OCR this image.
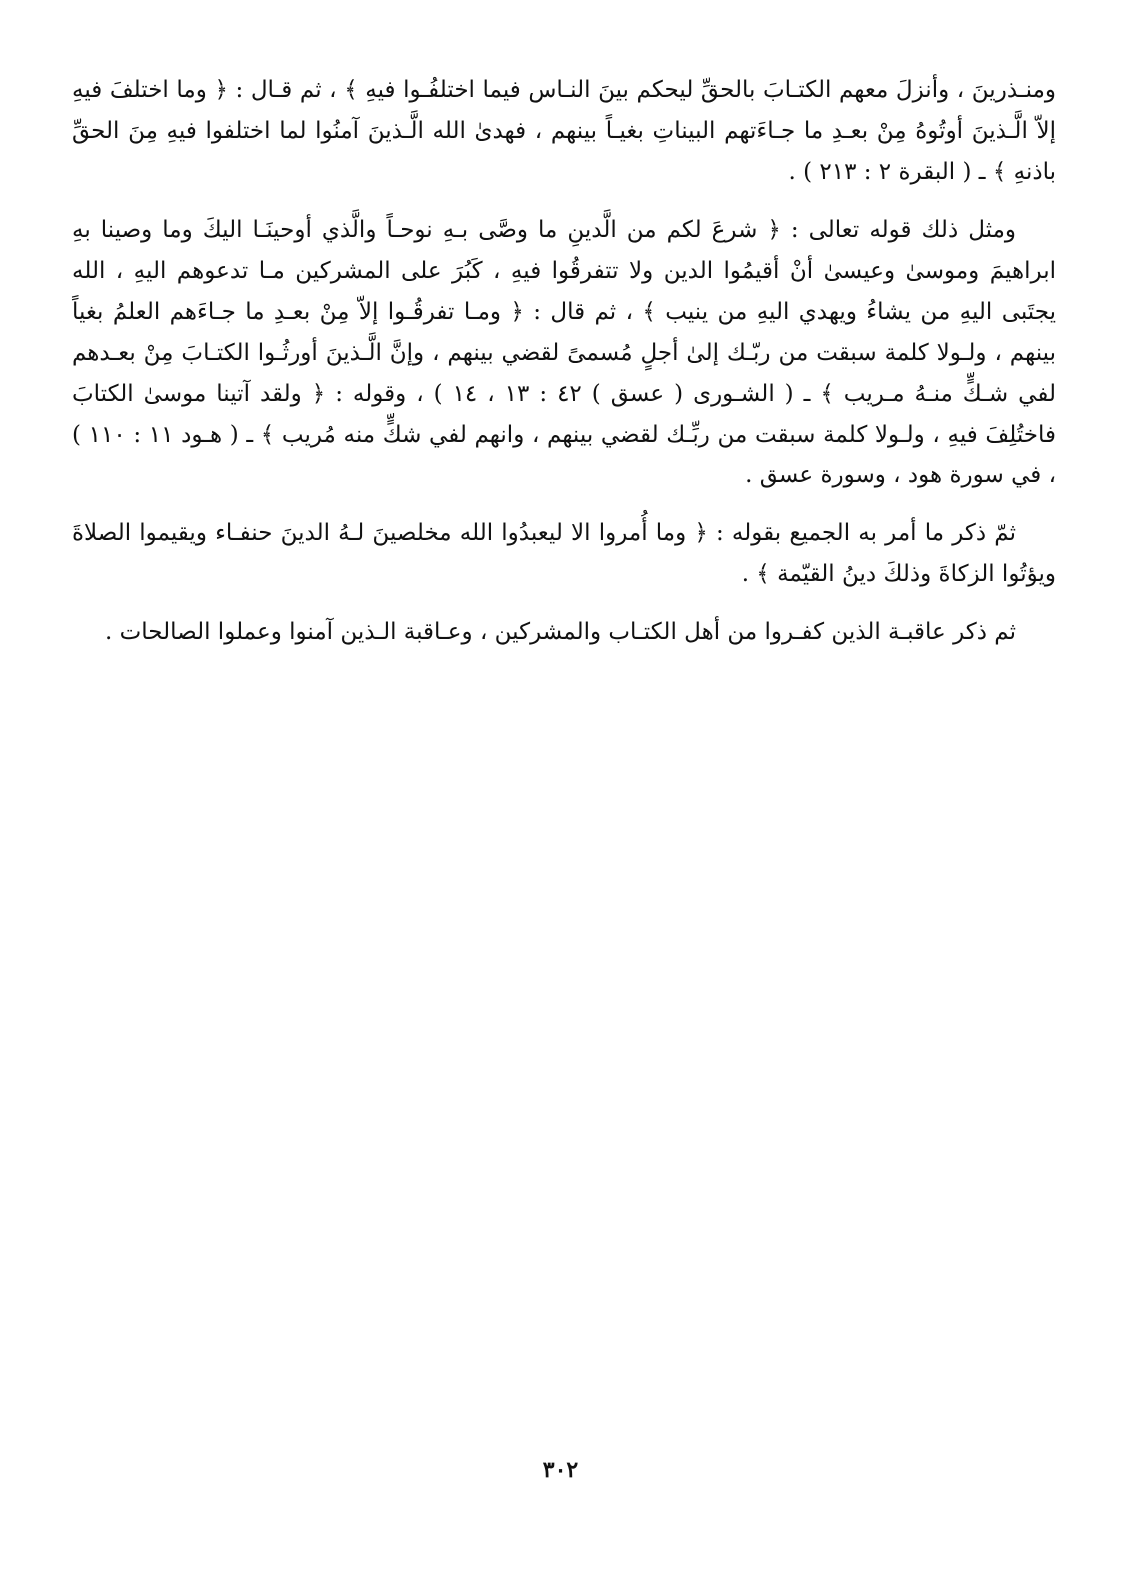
ومنـذرينَ ، وأنزلَ معهم الكتـابَ بالحقِّ ليحكم بينَ النـاس فيما اختلفُـوا فيهِ ﴾ ، ثم قـال : ﴿ وما اختلفَ فيهِ إلاّ الَّـذينَ أوتُوهُ مِنْ بعـدِ ما جـاءَتهم البيناتِ بغيـاً بينهم ، فهدىٰ الله الَّـذينَ آمنُوا لما اختلفوا فيهِ مِنَ الحقِّ باذنهِ ﴾ ـ ( البقرة ٢ : ٢١٣ ) .

ومثل ذلك قوله تعالى : ﴿ شرعَ لكم من الَّدينِ ما وصَّى بـهِ نوحـاً والَّذي أوحينَـا اليكَ وما وصينا بهِ ابراهيمَ وموسىٰ وعيسىٰ أنْ أقيمُوا الدين ولا تتفرقُوا فيهِ ، كَبُرَ على المشركين مـا تدعوهم اليهِ ، الله يجتَبى اليهِ من يشاءُ ويهدي اليهِ من ينيب ﴾ ، ثم قال : ﴿ ومـا تفرقُـوا إلاّ مِنْ بعـدِ ما جـاءَهم العلمُ بغياً بينهم ، ولـولا كلمة سبقت من ربّـك إلىٰ أجلٍ مُسمىً لقضي بينهم ، وإنَّ الَّـذينَ أورثُـوا الكتـابَ مِنْ بعـدهم لفي شـكٍّ منـهُ مـريب ﴾ ـ ( الشـورى ( عسق ) ٤٢ : ١٣ ، ١٤ ) ، وقوله : ﴿ ولقد آتينا موسىٰ الكتابَ فاختُلِفَ فيهِ ، ولـولا كلمة سبقت من ربِّـك لقضي بينهم ، وانهم لفي شكٍّ منه مُريب ﴾ ـ ( هـود ١١ : ١١٠ ) ، في سورة هود ، وسورة عسق .

ثمّ ذكر ما أمر به الجميع بقوله : ﴿ وما أُمروا الا ليعبدُوا الله مخلصينَ لـهُ الدينَ حنفـاء ويقيموا الصلاةَ ويؤتُوا الزكاةَ وذلكَ دينُ القيّمة ﴾ .

ثم ذكر عاقبـة الذين كفـروا من أهل الكتـاب والمشركين ، وعـاقبة الـذين آمنوا وعملوا الصالحات .

٣٠٢
